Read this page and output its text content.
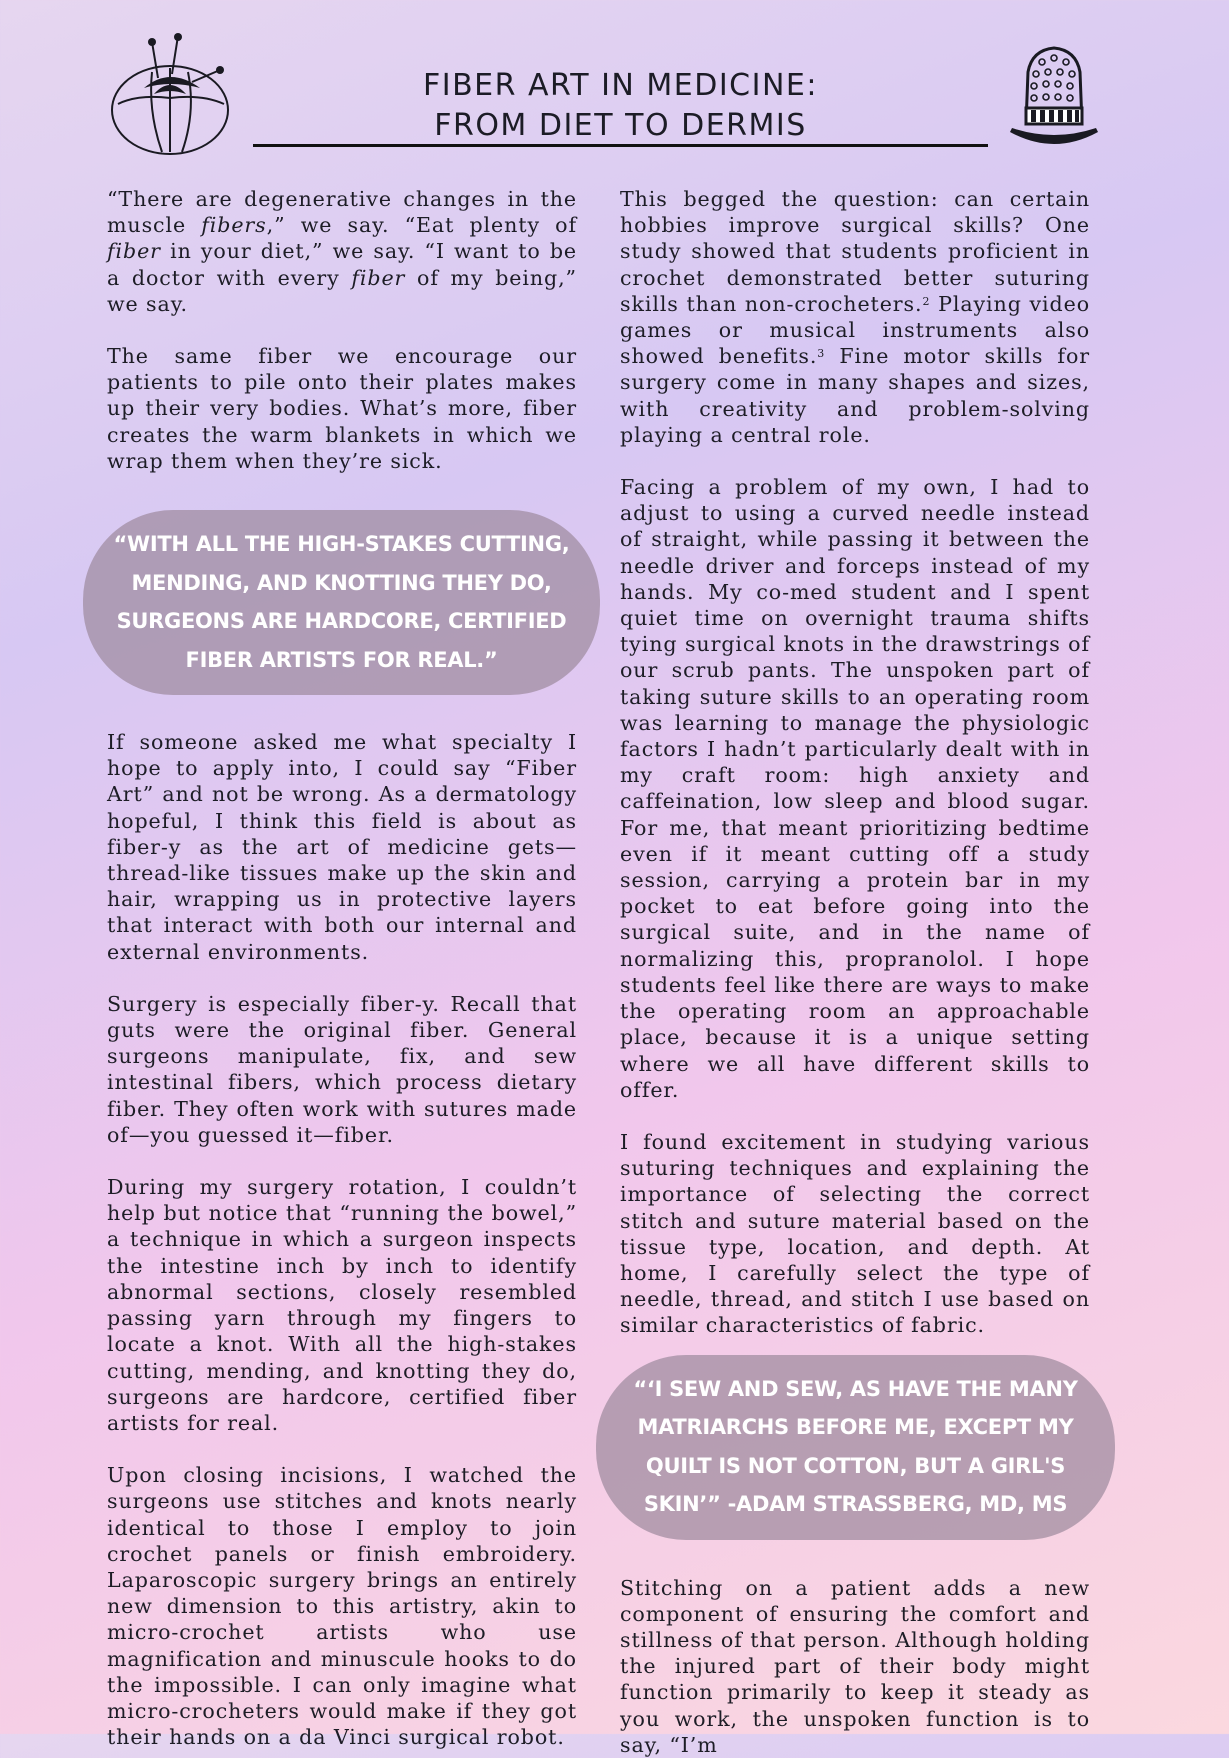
FIBER ART IN MEDICINE:
FROM DIET TO DERMIS

“There are degenerative changes in the muscle fibers,” we say. “Eat plenty of fiber in your diet,” we say. “I want to be a doctor with every fiber of my being,” we say.

The same fiber we encourage our patients to pile onto their plates makes up their very bodies. What’s more, fiber creates the warm blankets in which we wrap them when they’re sick.

“WITH ALL THE HIGH-STAKES CUTTING, MENDING, AND KNOTTING THEY DO, SURGEONS ARE HARDCORE, CERTIFIED FIBER ARTISTS FOR REAL.”

If someone asked me what specialty I hope to apply into, I could say “Fiber Art” and not be wrong. As a dermatology hopeful, I think this field is about as fiber-y as the art of medicine gets—thread-like tissues make up the skin and hair, wrapping us in protective layers that interact with both our internal and external environments.

Surgery is especially fiber-y. Recall that guts were the original fiber. General surgeons manipulate, fix, and sew intestinal fibers, which process dietary fiber. They often work with sutures made of—you guessed it—fiber.

During my surgery rotation, I couldn’t help but notice that “running the bowel,” a technique in which a surgeon inspects the intestine inch by inch to identify abnormal sections, closely resembled passing yarn through my fingers to locate a knot. With all the high-stakes cutting, mending, and knotting they do, surgeons are hardcore, certified fiber artists for real.

Upon closing incisions, I watched the surgeons use stitches and knots nearly identical to those I employ to join crochet panels or finish embroidery. Laparoscopic surgery brings an entirely new dimension to this artistry, akin to micro-crochet artists who use magnification and minuscule hooks to do the impossible. I can only imagine what micro-crocheters would make if they got their hands on a da Vinci surgical robot.

This begged the question: can certain hobbies improve surgical skills? One study showed that students proficient in crochet demonstrated better suturing skills than non-crocheters.$^2$ Playing video games or musical instruments also showed benefits.$^3$ Fine motor skills for surgery come in many shapes and sizes, with creativity and problem-solving playing a central role.

Facing a problem of my own, I had to adjust to using a curved needle instead of straight, while passing it between the needle driver and forceps instead of my hands. My co-med student and I spent quiet time on overnight trauma shifts tying surgical knots in the drawstrings of our scrub pants. The unspoken part of taking suture skills to an operating room was learning to manage the physiologic factors I hadn’t particularly dealt with in my craft room: high anxiety and caffeination, low sleep and blood sugar. For me, that meant prioritizing bedtime even if it meant cutting off a study session, carrying a protein bar in my pocket to eat before going into the surgical suite, and in the name of normalizing this, propranolol. I hope students feel like there are ways to make the operating room an approachable place, because it is a unique setting where we all have different skills to offer.

I found excitement in studying various suturing techniques and explaining the importance of selecting the correct stitch and suture material based on the tissue type, location, and depth. At home, I carefully select the type of needle, thread, and stitch I use based on similar characteristics of fabric.

“‘I SEW AND SEW, AS HAVE THE MANY MATRIARCHS BEFORE ME, EXCEPT MY QUILT IS NOT COTTON, BUT A GIRL'S SKIN’” -ADAM STRASSBERG, MD, MS

Stitching on a patient adds a new component of ensuring the comfort and stillness of that person. Although holding the injured part of their body might function primarily to keep it steady as you work, the unspoken function is to say, “I’m
